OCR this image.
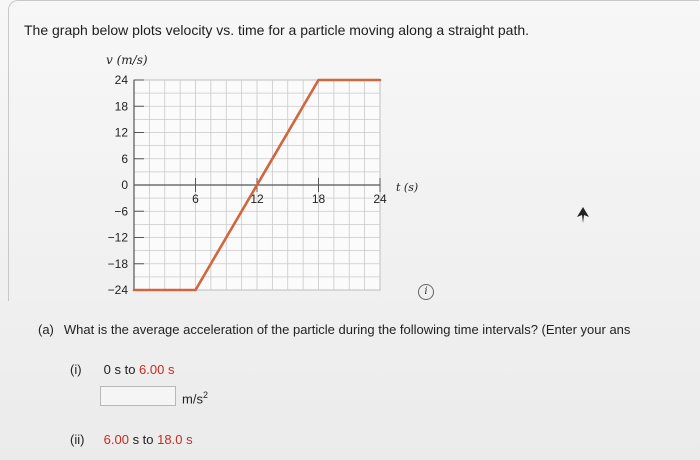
The graph below plots velocity vs. time for a particle moving along a straight path.
24
18
12
6
0
−6
−12
−18
−24
6	12	18	24
v (m/s)
t (s)
i
(a) What is the average acceleration of the particle during the following time intervals? (Enter your ans
(i) 0 s to 6.00 s
$m/s^2$
(ii) 6.00 s to 18.0 s
